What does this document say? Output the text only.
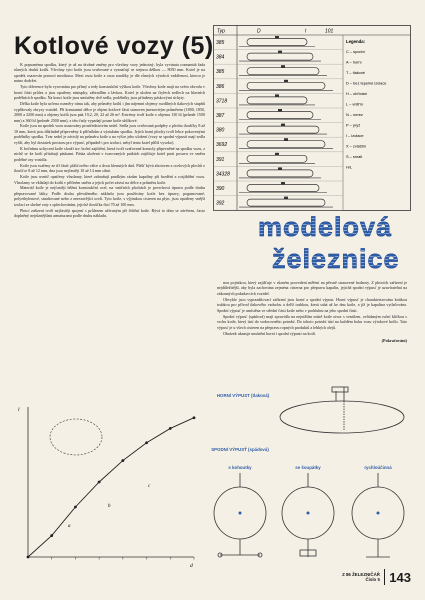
Kotlové vozy (5)

K popsanému spodku, který je až na drobné změny pro všechny vozy jednotný, byla vyvinuta rozmanitá řada různých druhů kotlů. Všechny tyto kotle jsou svařované a vyznačují se stejnou délkou — 8050 mm. Kotel je na spodek osazován pomocí mezikusu. Mezi osou kotle a osou narážky je dle různých výrobců vzdálenost, kterou je nutno dodržet.

Tyto diference byla vyrovnána pro přímý a tedy konstrukční výškou kotle. Všechny kotle mají na svém obvodu v horní části průlez a jsou opatřeny nástupky, zábradlím a lávkou. Kotel je uložen na čtyřech sedlech na hlavních podélnících spodku. Na konci kotle jsou umístěny dvě sedla, podélníky jsou přitaženy páskovými úchyty.

Délka kotle byla určena rozměry rámu tak, aby průměry kotlů i jím nájemní objemy rozdílných tlakových stupňů vyplňovaly obrysy vozidel. Při konstantní délce je objem kotlové části stanoven jmenovitým průměrem (1800, 1850, 2000 a 2200 mm) a objemy kotlů jsou pak 19,2, 20, 22 až 26 m³. Extrémy tvoří kotle o objemu 130 hl (průměr 1500 mm) a 360 hl (průměr 2500 mm), z této řady vypadají pouze kotle uhlíkové.

Kotle jsou na spodek vozu usazovány prostřednictvím sedel. Sedla jsou svařovaná podpěry z plechu tloušťky 8 až 10 mm, která jsou důkladně připevněny k příčníkům a výztuhám spodku. Jejich horní plochy tvoří lehce pokovenými podélníky spodku. Tvar sedel je závislý na průměru kotle a na výšce jeho uložení (vozy se spodní výpustí mají sedla vyšší, aby byl dostatek prostoru pro výpusť, případně i pro izolaci, nebyl tento kotel příliš vysoko).

K bočnímu uchycení kotle slouží tzv. boční zajištění, která tvoří svařované konzoly připevněné na spodku vozu, z nichž se ke kotli přitahují páskami. Páska uložená v tvarovaných patkách zajišťuje kotel proti posuvu ve směru podélné osy vozidla.

Kotle jsou svařeny ze tří částí: plášťového válce a dvou klenutých dnů. Plášť bývá zhotoven z ocelových plechů o tloušťce 8 až 12 mm, dna jsou nejčastěji 10 až 14 mm silná.

Kotle jsou uvnitř opatřeny vlnolamy, které zabraňují prudkým rázům kapaliny při brzdění a rozjíždění vozu. Vlnolamy se vkládají do kotlů v příčném směru a jejich počet závisí na délce a průměru kotle.

Materiál kotle je nejčastěji běžná konstrukční ocel, na vnitřních plochách je povrchová úprava podle druhu přepravované látky. Podle druhu převáženého nákladu jsou používány kotle bez úpravy, pogumované, polyethylenové, smaltované nebo z nerezavějící oceli. Tyto kotle, s výjimkou cisteren na plyn, jsou opatřeny vnější izolací ze skelné vaty s oplechováním, jejichž tloušťka činí 70 až 100 mm.

Plnicí zařízení tvoří nejčastěji spojení s průlezem užívaným při čištění kotle. Bývá to dóm se závěrem, často doplněný nejrůznějšími armaturami podle druhu nákladu.

nou pojistkou, který zajišťuje v různém provedení měření na přesně stanovené hodnoty. Z plnicích zařízení je nejdůležitější, aby byla zachována zejména cisterna pro přepravu kapalin, jejichž spodní výpusť je uzavíratelná na zákonných požadavcích vozidel.

Obvykle jsou vyprazdňovací zařízení jsou horní a spodní výpust. Horní výpusť je charakterizována krátkou trubkou pro přívod tlakového vzduchu a delší trubkou, která sahá až ke dnu kotle, a jíž je kapalina vytlačována. Spodní výpusť je umístěna ve střední části kotle nebo v prohlubni na jeho spodní části.

Spodní výpusť (spádová) mají zpravidla na nejnižším místě kotle otvor s ventilem, ovládaným ruční kličkou s vrchu kotle, který ústí do vodorovného potrubí. Do tohoto potrubí ústí na každém boku vozu výtokové hrdlo. Tato výpusť je u všech cisteren na přepravu ropných produktů a lehkých olejů.

Obrázek ukazuje umístění horní i spodní výpusti na kotli.

(Pokračování)
Typ	D	l	101
385
384
385
386
3718
387
380
3692
391
34328
390
392
Legenda:
C – spodní
A – horní
T – tlakové
D – bez tepelné izolace
H – ohřívání
L – vnitřní
N – nerez
P – pryž
I – izolace
X – zvláštní
S – smalt
H/L
modelová
železnice
d
l
a
b
c
HORNÍ VÝPUST (tlaková)
SPODNÍ VÝPUSŤ (spádová)
s kohoutky	se šoupátky	rychloúčinná
Z 86 ŽELEZNIČÁŘ
Číslo 5 143
